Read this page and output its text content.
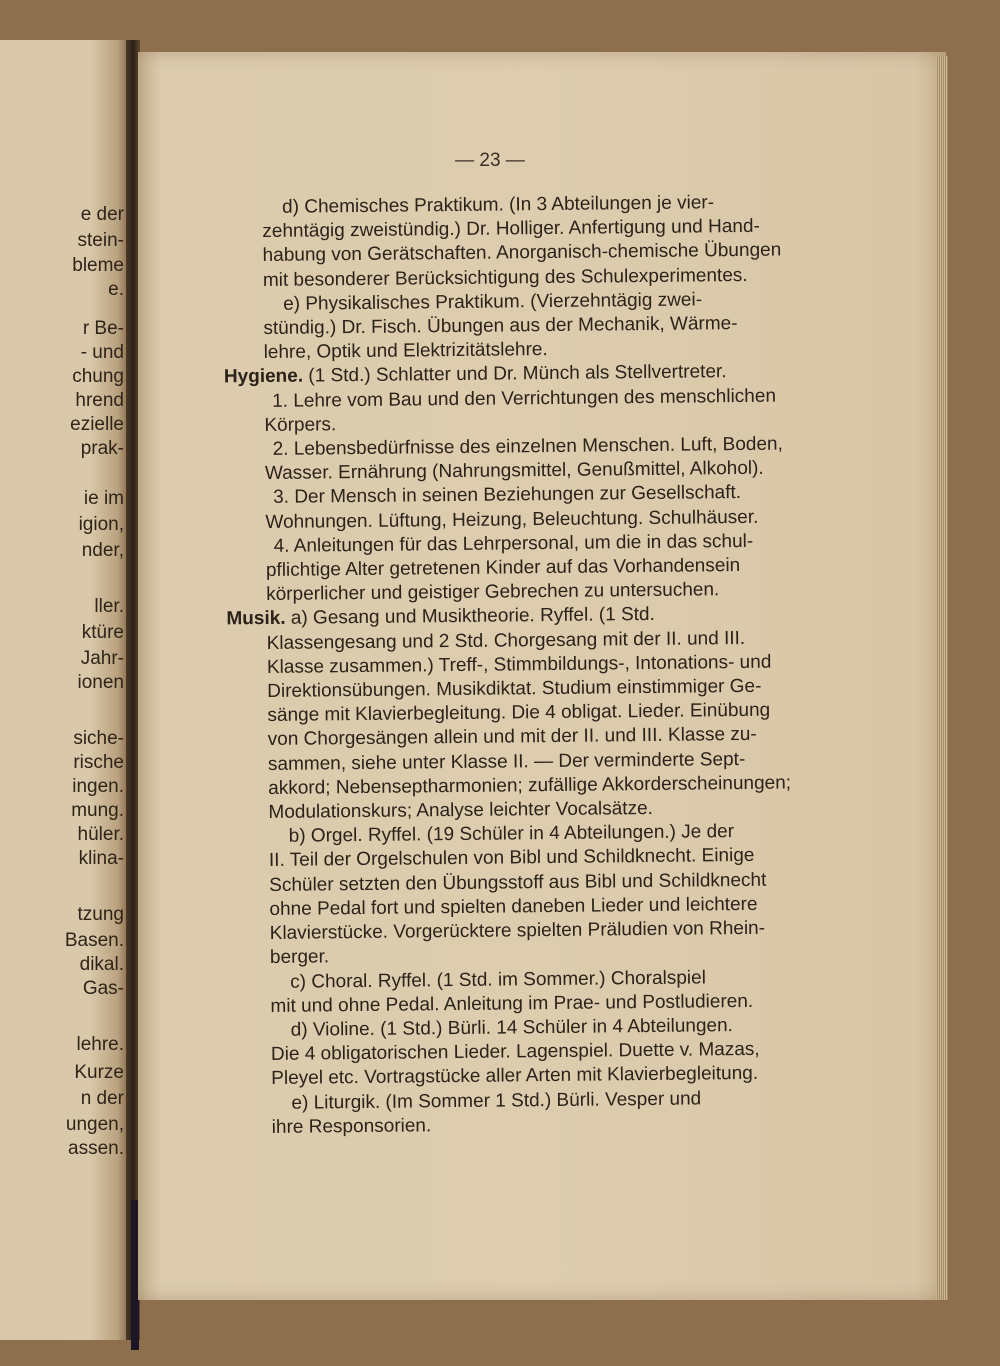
e der
stein-
bleme
e.
r Be-
- und
chung
hrend
ezielle
prak-
ie im
igion,
nder,
ller.
ktüre
Jahr-
ionen
siche-
rische
ingen.
mung.
hüler.
klina-
tzung
Basen.
dikal.
Gas-
lehre.
Kurze
n der
ungen,
assen.
— 23 —
d) Chemisches Praktikum. (In 3 Abteilungen je vier-
zehntägig zweistündig.) Dr. Holliger. Anfertigung und Hand-
habung von Gerätschaften. Anorganisch-chemische Übungen
mit besonderer Berücksichtigung des Schulexperimentes.
e) Physikalisches Praktikum. (Vierzehntägig zwei-
stündig.) Dr. Fisch. Übungen aus der Mechanik, Wärme-
lehre, Optik und Elektrizitätslehre.
Hygiene. (1 Std.) Schlatter und Dr. Münch als Stellvertreter.
1. Lehre vom Bau und den Verrichtungen des menschlichen
Körpers.
2. Lebensbedürfnisse des einzelnen Menschen. Luft, Boden,
Wasser. Ernährung (Nahrungsmittel, Genußmittel, Alkohol).
3. Der Mensch in seinen Beziehungen zur Gesellschaft.
Wohnungen. Lüftung, Heizung, Beleuchtung. Schulhäuser.
4. Anleitungen für das Lehrpersonal, um die in das schul-
pflichtige Alter getretenen Kinder auf das Vorhandensein
körperlicher und geistiger Gebrechen zu untersuchen.
Musik. a) Gesang und Musiktheorie. Ryffel. (1 Std.
Klassengesang und 2 Std. Chorgesang mit der II. und III.
Klasse zusammen.) Treff-, Stimmbildungs-, Intonations- und
Direktionsübungen. Musikdiktat. Studium einstimmiger Ge-
sänge mit Klavierbegleitung. Die 4 obligat. Lieder. Einübung
von Chorgesängen allein und mit der II. und III. Klasse zu-
sammen, siehe unter Klasse II. — Der verminderte Sept-
akkord; Nebenseptharmonien; zufällige Akkorderscheinungen;
Modulationskurs; Analyse leichter Vocalsätze.
b) Orgel. Ryffel. (19 Schüler in 4 Abteilungen.) Je der
II. Teil der Orgelschulen von Bibl und Schildknecht. Einige
Schüler setzten den Übungsstoff aus Bibl und Schildknecht
ohne Pedal fort und spielten daneben Lieder und leichtere
Klavierstücke. Vorgerücktere spielten Präludien von Rhein-
berger.
c) Choral. Ryffel. (1 Std. im Sommer.) Choralspiel
mit und ohne Pedal. Anleitung im Prae- und Postludieren.
d) Violine. (1 Std.) Bürli. 14 Schüler in 4 Abteilungen.
Die 4 obligatorischen Lieder. Lagenspiel. Duette v. Mazas,
Pleyel etc. Vortragstücke aller Arten mit Klavierbegleitung.
e) Liturgik. (Im Sommer 1 Std.) Bürli. Vesper und
ihre Responsorien.
